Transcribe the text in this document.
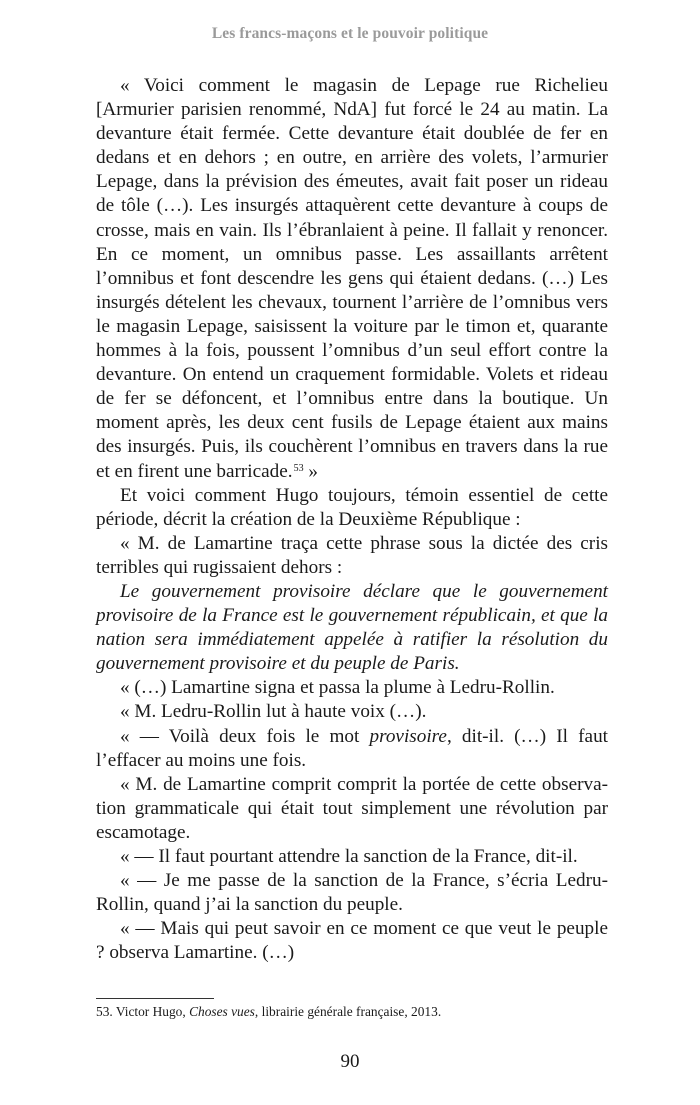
Les francs-maçons et le pouvoir politique

« Voici comment le magasin de Lepage rue Richelieu [Armurier parisien renommé, NdA] fut forcé le 24 au matin. La devanture était fermée. Cette devanture était doublée de fer en dedans et en dehors ; en outre, en arrière des volets, l’armurier Lepage, dans la prévision des émeutes, avait fait poser un rideau de tôle (…). Les insurgés attaquèrent cette devanture à coups de crosse, mais en vain. Ils l’ébranlaient à peine. Il fallait y renoncer. En ce moment, un omnibus passe. Les assaillants arrêtent l’omnibus et font descendre les gens qui étaient dedans. (…) Les insurgés dételent les chevaux, tournent l’arrière de l’omnibus vers le magasin Lepage, saisissent la voiture par le timon et, quarante hommes à la fois, poussent l’omnibus d’un seul effort contre la devanture. On entend un craquement formidable. Volets et rideau de fer se défoncent, et l’omnibus entre dans la boutique. Un moment après, les deux cent fusils de Lepage étaient aux mains des insurgés. Puis, ils couchèrent l’omnibus en travers dans la rue et en firent une barricade.$^{53}$ »

Et voici comment Hugo toujours, témoin essentiel de cette période, décrit la création de la Deuxième République :

« M. de Lamartine traça cette phrase sous la dictée des cris terribles qui rugissaient dehors :

Le gouvernement provisoire déclare que le gouvernement provisoire de la France est le gouvernement républicain, et que la nation sera immédiatement appelée à ratifier la résolution du gouvernement provisoire et du peuple de Paris.

« (…) Lamartine signa et passa la plume à Ledru-Rollin.

« M. Ledru-Rollin lut à haute voix (…).

« — Voilà deux fois le mot provisoire, dit-il. (…) Il faut l’effacer au moins une fois.

« M. de Lamartine comprit comprit la portée de cette observation grammaticale qui était tout simplement une révolution par escamotage.

« — Il faut pourtant attendre la sanction de la France, dit-il.

« — Je me passe de la sanction de la France, s’écria Ledru-Rollin, quand j’ai la sanction du peuple.

« — Mais qui peut savoir en ce moment ce que veut le peuple ? observa Lamartine. (…)

53. Victor Hugo, Choses vues, librairie générale française, 2013.
90
